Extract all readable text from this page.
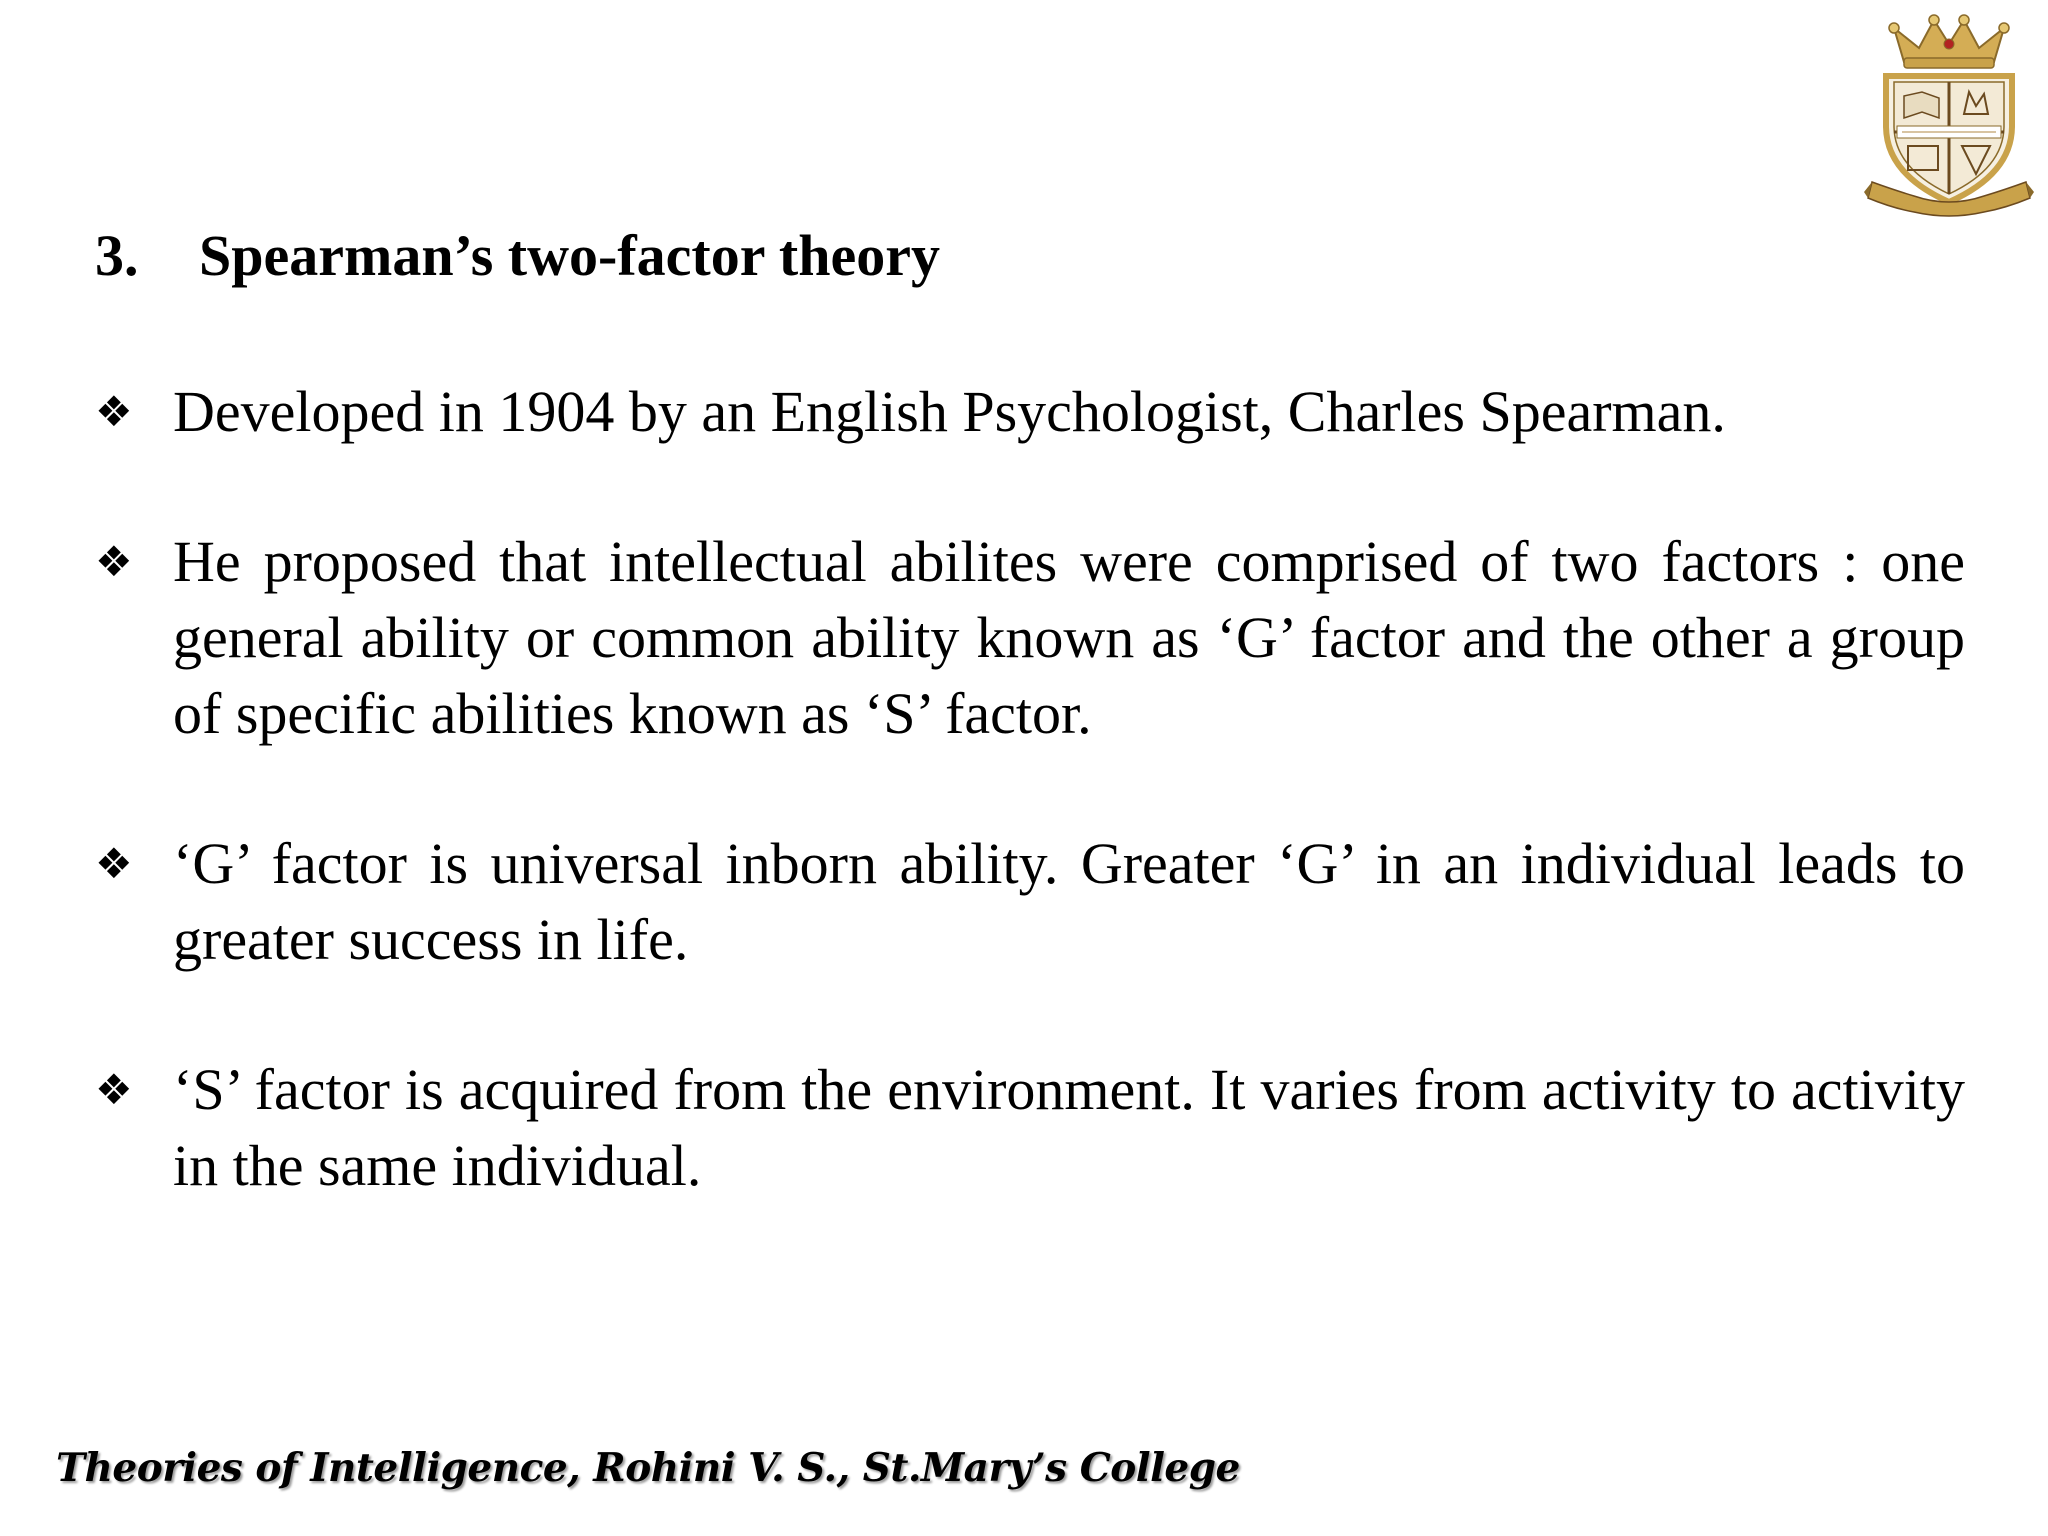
3. Spearman’s two-factor theory
❖ Developed in 1904 by an English Psychologist, Charles Spearman.
❖ He proposed that intellectual abilites were comprised of two factors : one general ability or common ability known as ‘G’ factor and the other a group of specific abilities known as ‘S’ factor.
❖ ‘G’ factor is universal inborn ability. Greater ‘G’ in an individual leads to greater success in life.
❖ ‘S’ factor is acquired from the environment. It varies from activity to activity in the same individual.
Theories of Intelligence, Rohini V. S., St.Mary’s College
